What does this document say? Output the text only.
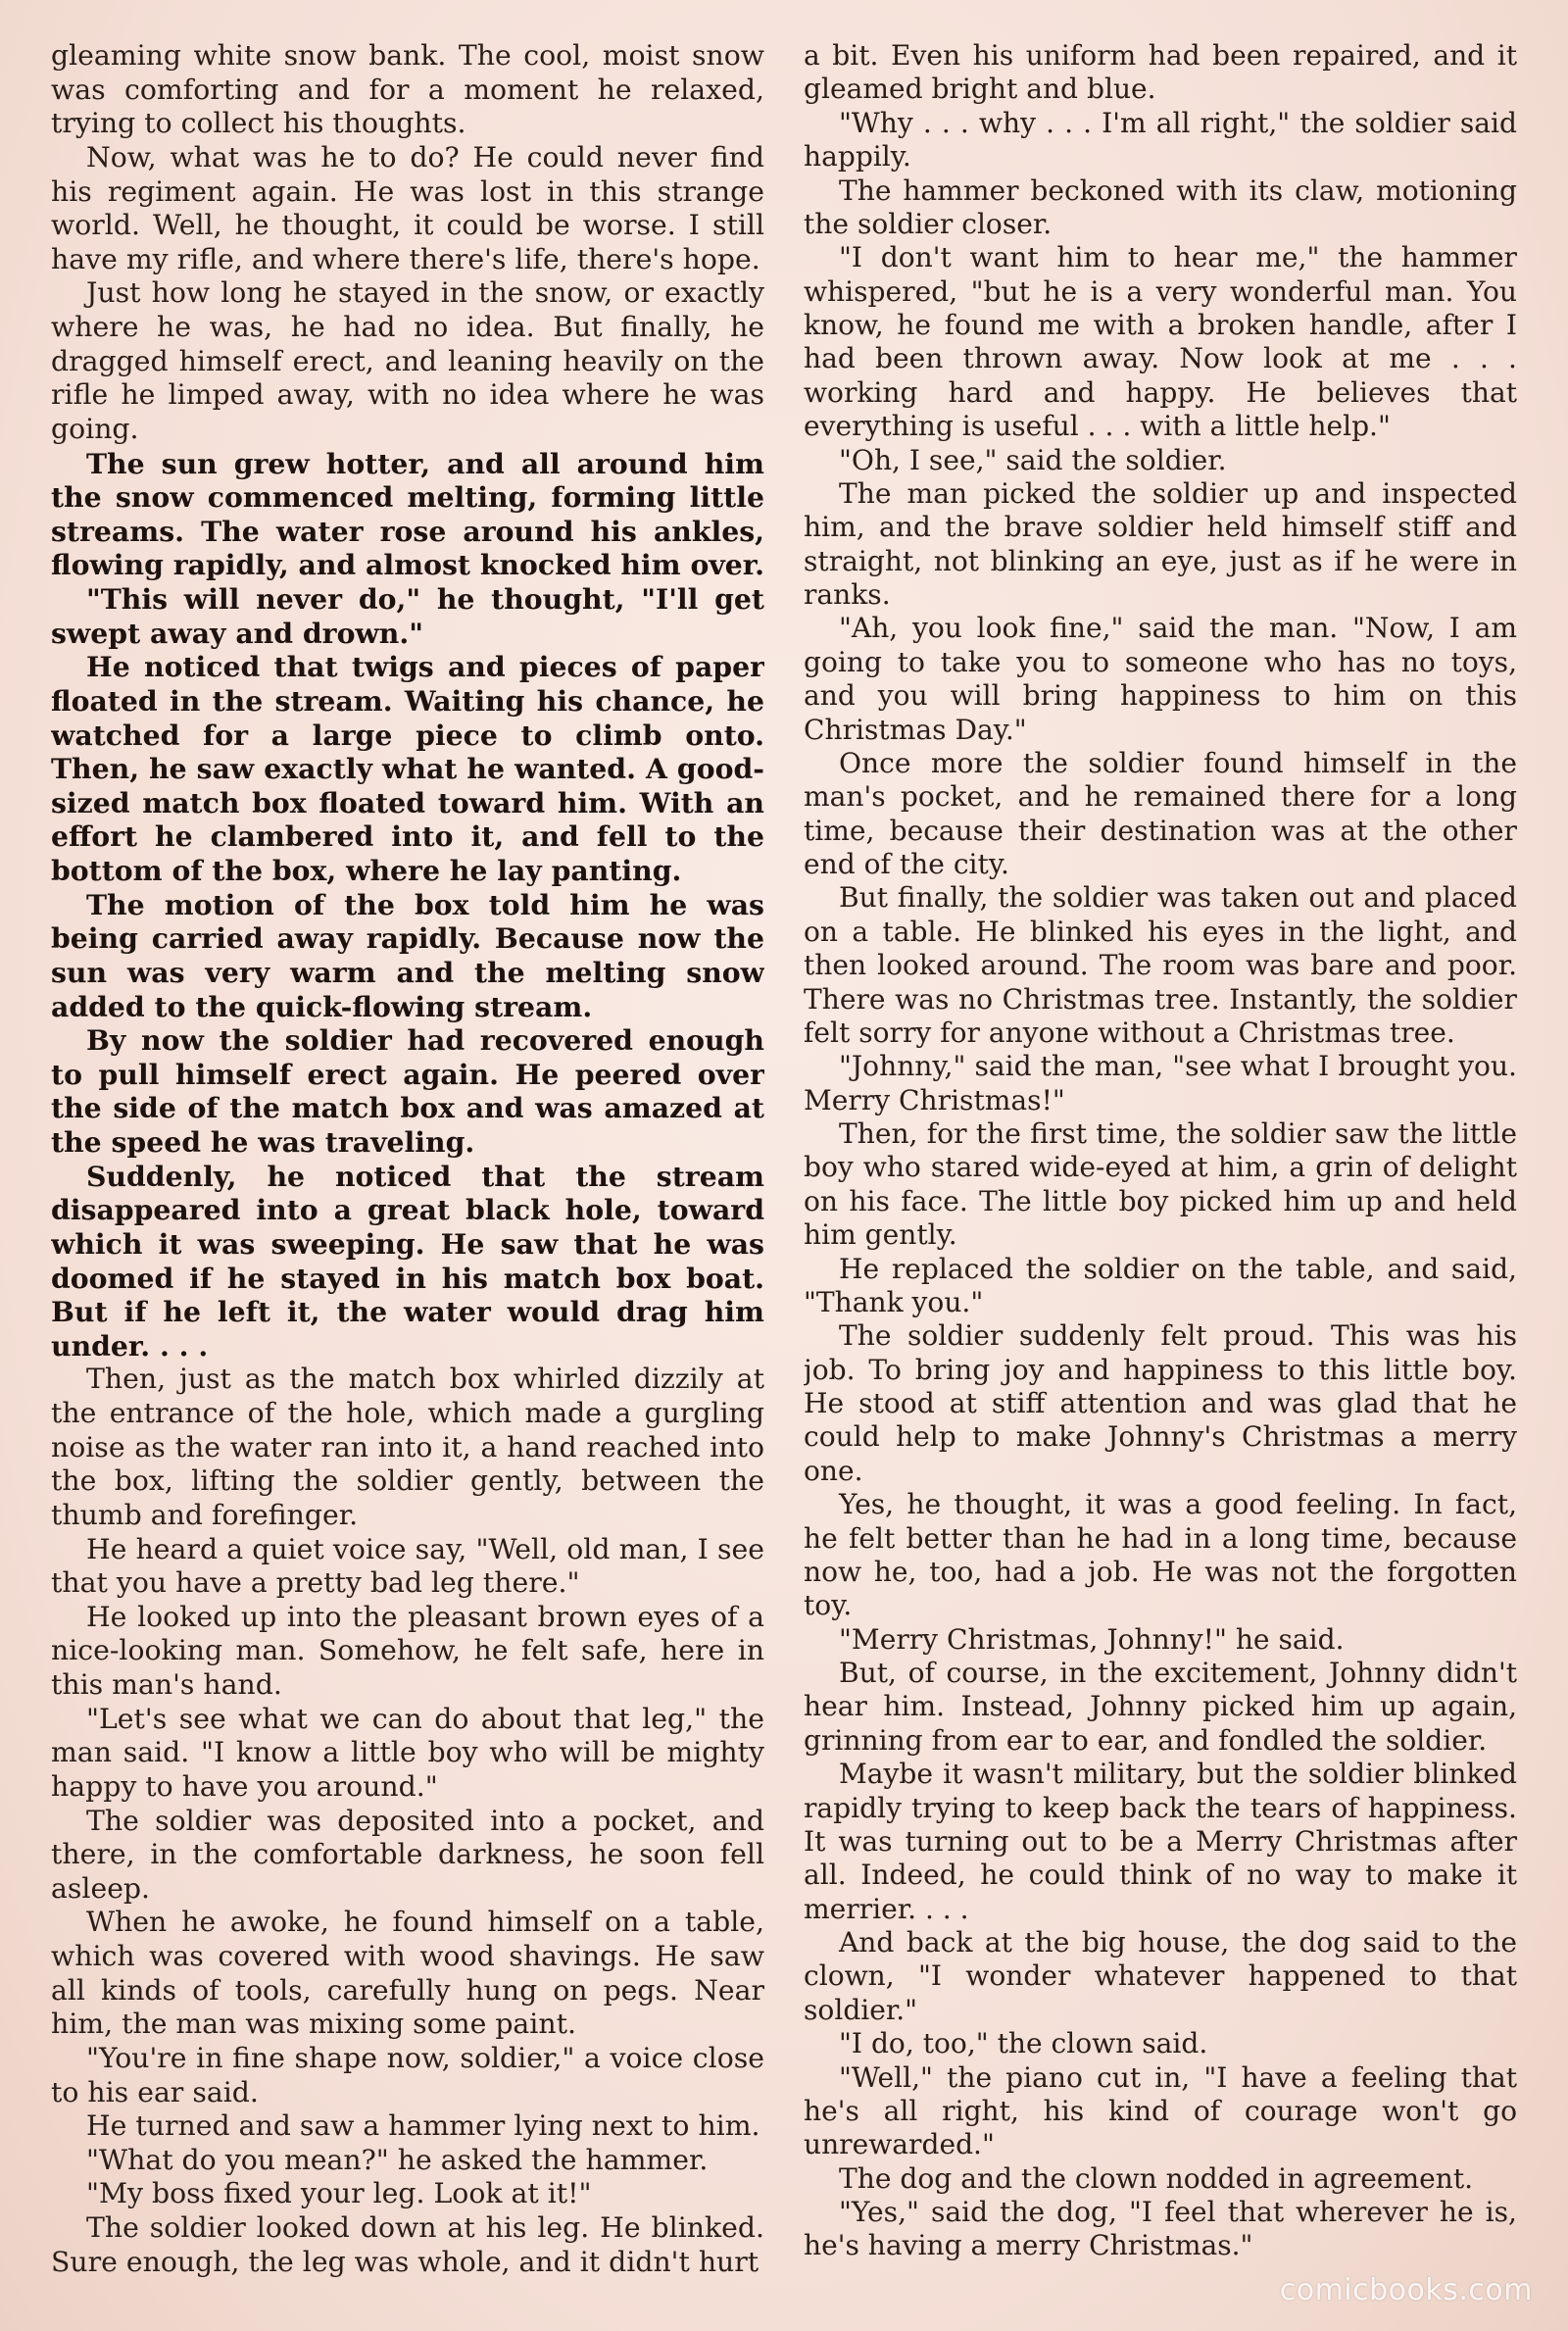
gleaming white snow bank. The cool, moist snow was comforting and for a moment he relaxed, trying to collect his thoughts.

Now, what was he to do? He could never find his regiment again. He was lost in this strange world. Well, he thought, it could be worse. I still have my rifle, and where there's life, there's hope.

Just how long he stayed in the snow, or exactly where he was, he had no idea. But finally, he dragged himself erect, and leaning heavily on the rifle he limped away, with no idea where he was going.

The sun grew hotter, and all around him the snow commenced melting, forming little streams. The water rose around his ankles, flowing rapidly, and almost knocked him over.

"This will never do," he thought, "I'll get swept away and drown."

He noticed that twigs and pieces of paper floated in the stream. Waiting his chance, he watched for a large piece to climb onto. Then, he saw exactly what he wanted. A good-sized match box floated toward him. With an effort he clambered into it, and fell to the bottom of the box, where he lay panting.

The motion of the box told him he was being carried away rapidly. Because now the sun was very warm and the melting snow added to the quick-flowing stream.

By now the soldier had recovered enough to pull himself erect again. He peered over the side of the match box and was amazed at the speed he was traveling.

Suddenly, he noticed that the stream disappeared into a great black hole, toward which it was sweeping. He saw that he was doomed if he stayed in his match box boat. But if he left it, the water would drag him under. . . .

Then, just as the match box whirled dizzily at the entrance of the hole, which made a gurgling noise as the water ran into it, a hand reached into the box, lifting the soldier gently, between the thumb and forefinger.

He heard a quiet voice say, "Well, old man, I see that you have a pretty bad leg there."

He looked up into the pleasant brown eyes of a nice-looking man. Somehow, he felt safe, here in this man's hand.

"Let's see what we can do about that leg," the man said. "I know a little boy who will be mighty happy to have you around."

The soldier was deposited into a pocket, and there, in the comfortable darkness, he soon fell asleep.

When he awoke, he found himself on a table, which was covered with wood shavings. He saw all kinds of tools, carefully hung on pegs. Near him, the man was mixing some paint.

"You're in fine shape now, soldier," a voice close to his ear said.

He turned and saw a hammer lying next to him.

"What do you mean?" he asked the hammer.

"My boss fixed your leg. Look at it!"

The soldier looked down at his leg. He blinked. Sure enough, the leg was whole, and it didn't hurt

a bit. Even his uniform had been repaired, and it gleamed bright and blue.

"Why . . . why . . . I'm all right," the soldier said happily.

The hammer beckoned with its claw, motioning the soldier closer.

"I don't want him to hear me," the hammer whispered, "but he is a very wonderful man. You know, he found me with a broken handle, after I had been thrown away. Now look at me . . . working hard and happy. He believes that everything is useful . . . with a little help."

"Oh, I see," said the soldier.

The man picked the soldier up and inspected him, and the brave soldier held himself stiff and straight, not blinking an eye, just as if he were in ranks.

"Ah, you look fine," said the man. "Now, I am going to take you to someone who has no toys, and you will bring happiness to him on this Christmas Day."

Once more the soldier found himself in the man's pocket, and he remained there for a long time, because their destination was at the other end of the city.

But finally, the soldier was taken out and placed on a table. He blinked his eyes in the light, and then looked around. The room was bare and poor. There was no Christmas tree. Instantly, the soldier felt sorry for anyone without a Christmas tree.

"Johnny," said the man, "see what I brought you. Merry Christmas!"

Then, for the first time, the soldier saw the little boy who stared wide-eyed at him, a grin of delight on his face. The little boy picked him up and held him gently.

He replaced the soldier on the table, and said, "Thank you."

The soldier suddenly felt proud. This was his job. To bring joy and happiness to this little boy. He stood at stiff attention and was glad that he could help to make Johnny's Christmas a merry one.

Yes, he thought, it was a good feeling. In fact, he felt better than he had in a long time, because now he, too, had a job. He was not the forgotten toy.

"Merry Christmas, Johnny!" he said.

But, of course, in the excitement, Johnny didn't hear him. Instead, Johnny picked him up again, grinning from ear to ear, and fondled the soldier.

Maybe it wasn't military, but the soldier blinked rapidly trying to keep back the tears of happiness. It was turning out to be a Merry Christmas after all. Indeed, he could think of no way to make it merrier. . . .

And back at the big house, the dog said to the clown, "I wonder whatever happened to that soldier."

"I do, too," the clown said.

"Well," the piano cut in, "I have a feeling that he's all right, his kind of courage won't go unrewarded."

The dog and the clown nodded in agreement.

"Yes," said the dog, "I feel that wherever he is, he's having a merry Christmas."

comicbooks.com
